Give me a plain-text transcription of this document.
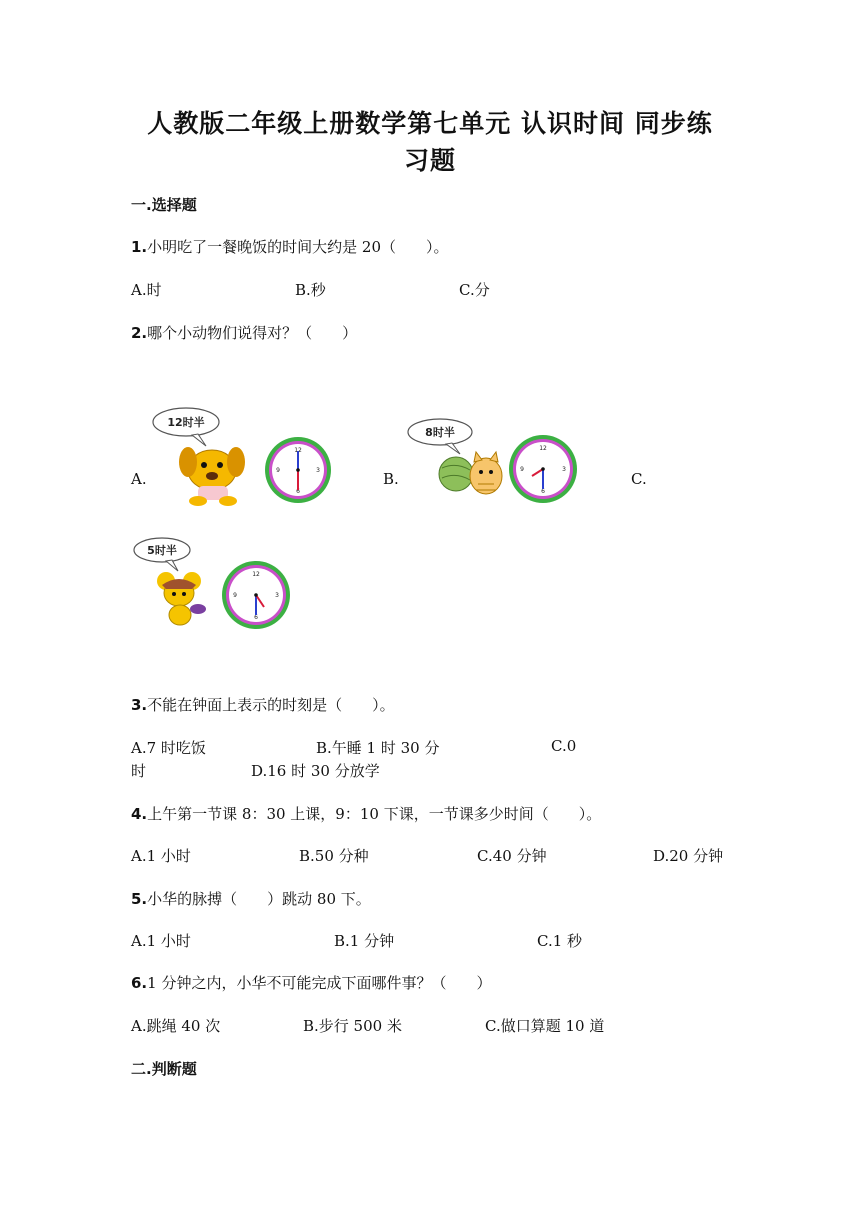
人教版二年级上册数学第七单元 认识时间 同步练
习题
一.选择题
1.小明吃了一餐晚饭的时间大约是 20（　　）。
A.时	B.秒	C.分
2.哪个小动物们说得对？（　　）
A.	B.	C.
12时半
12
3
6
9
8时半
12
3
6
9
5时半
12
3
6
9
3.不能在钟面上表示的时刻是（　　）。
A.7 时吃饭	B.午睡 1 时 30 分	C.0
时	D.16 时 30 分放学
4.上午第一节课 8：30 上课，9：10 下课，一节课多少时间（　　）。
A.1 小时	B.50 分种	C.40 分钟	D.20 分钟
5.小华的脉搏（　　）跳动 80 下。
A.1 小时	B.1 分钟	C.1 秒
6.1 分钟之内，小华不可能完成下面哪件事？（　　）
A.跳绳 40 次	B.步行 500 米	C.做口算题 10 道
二.判断题
